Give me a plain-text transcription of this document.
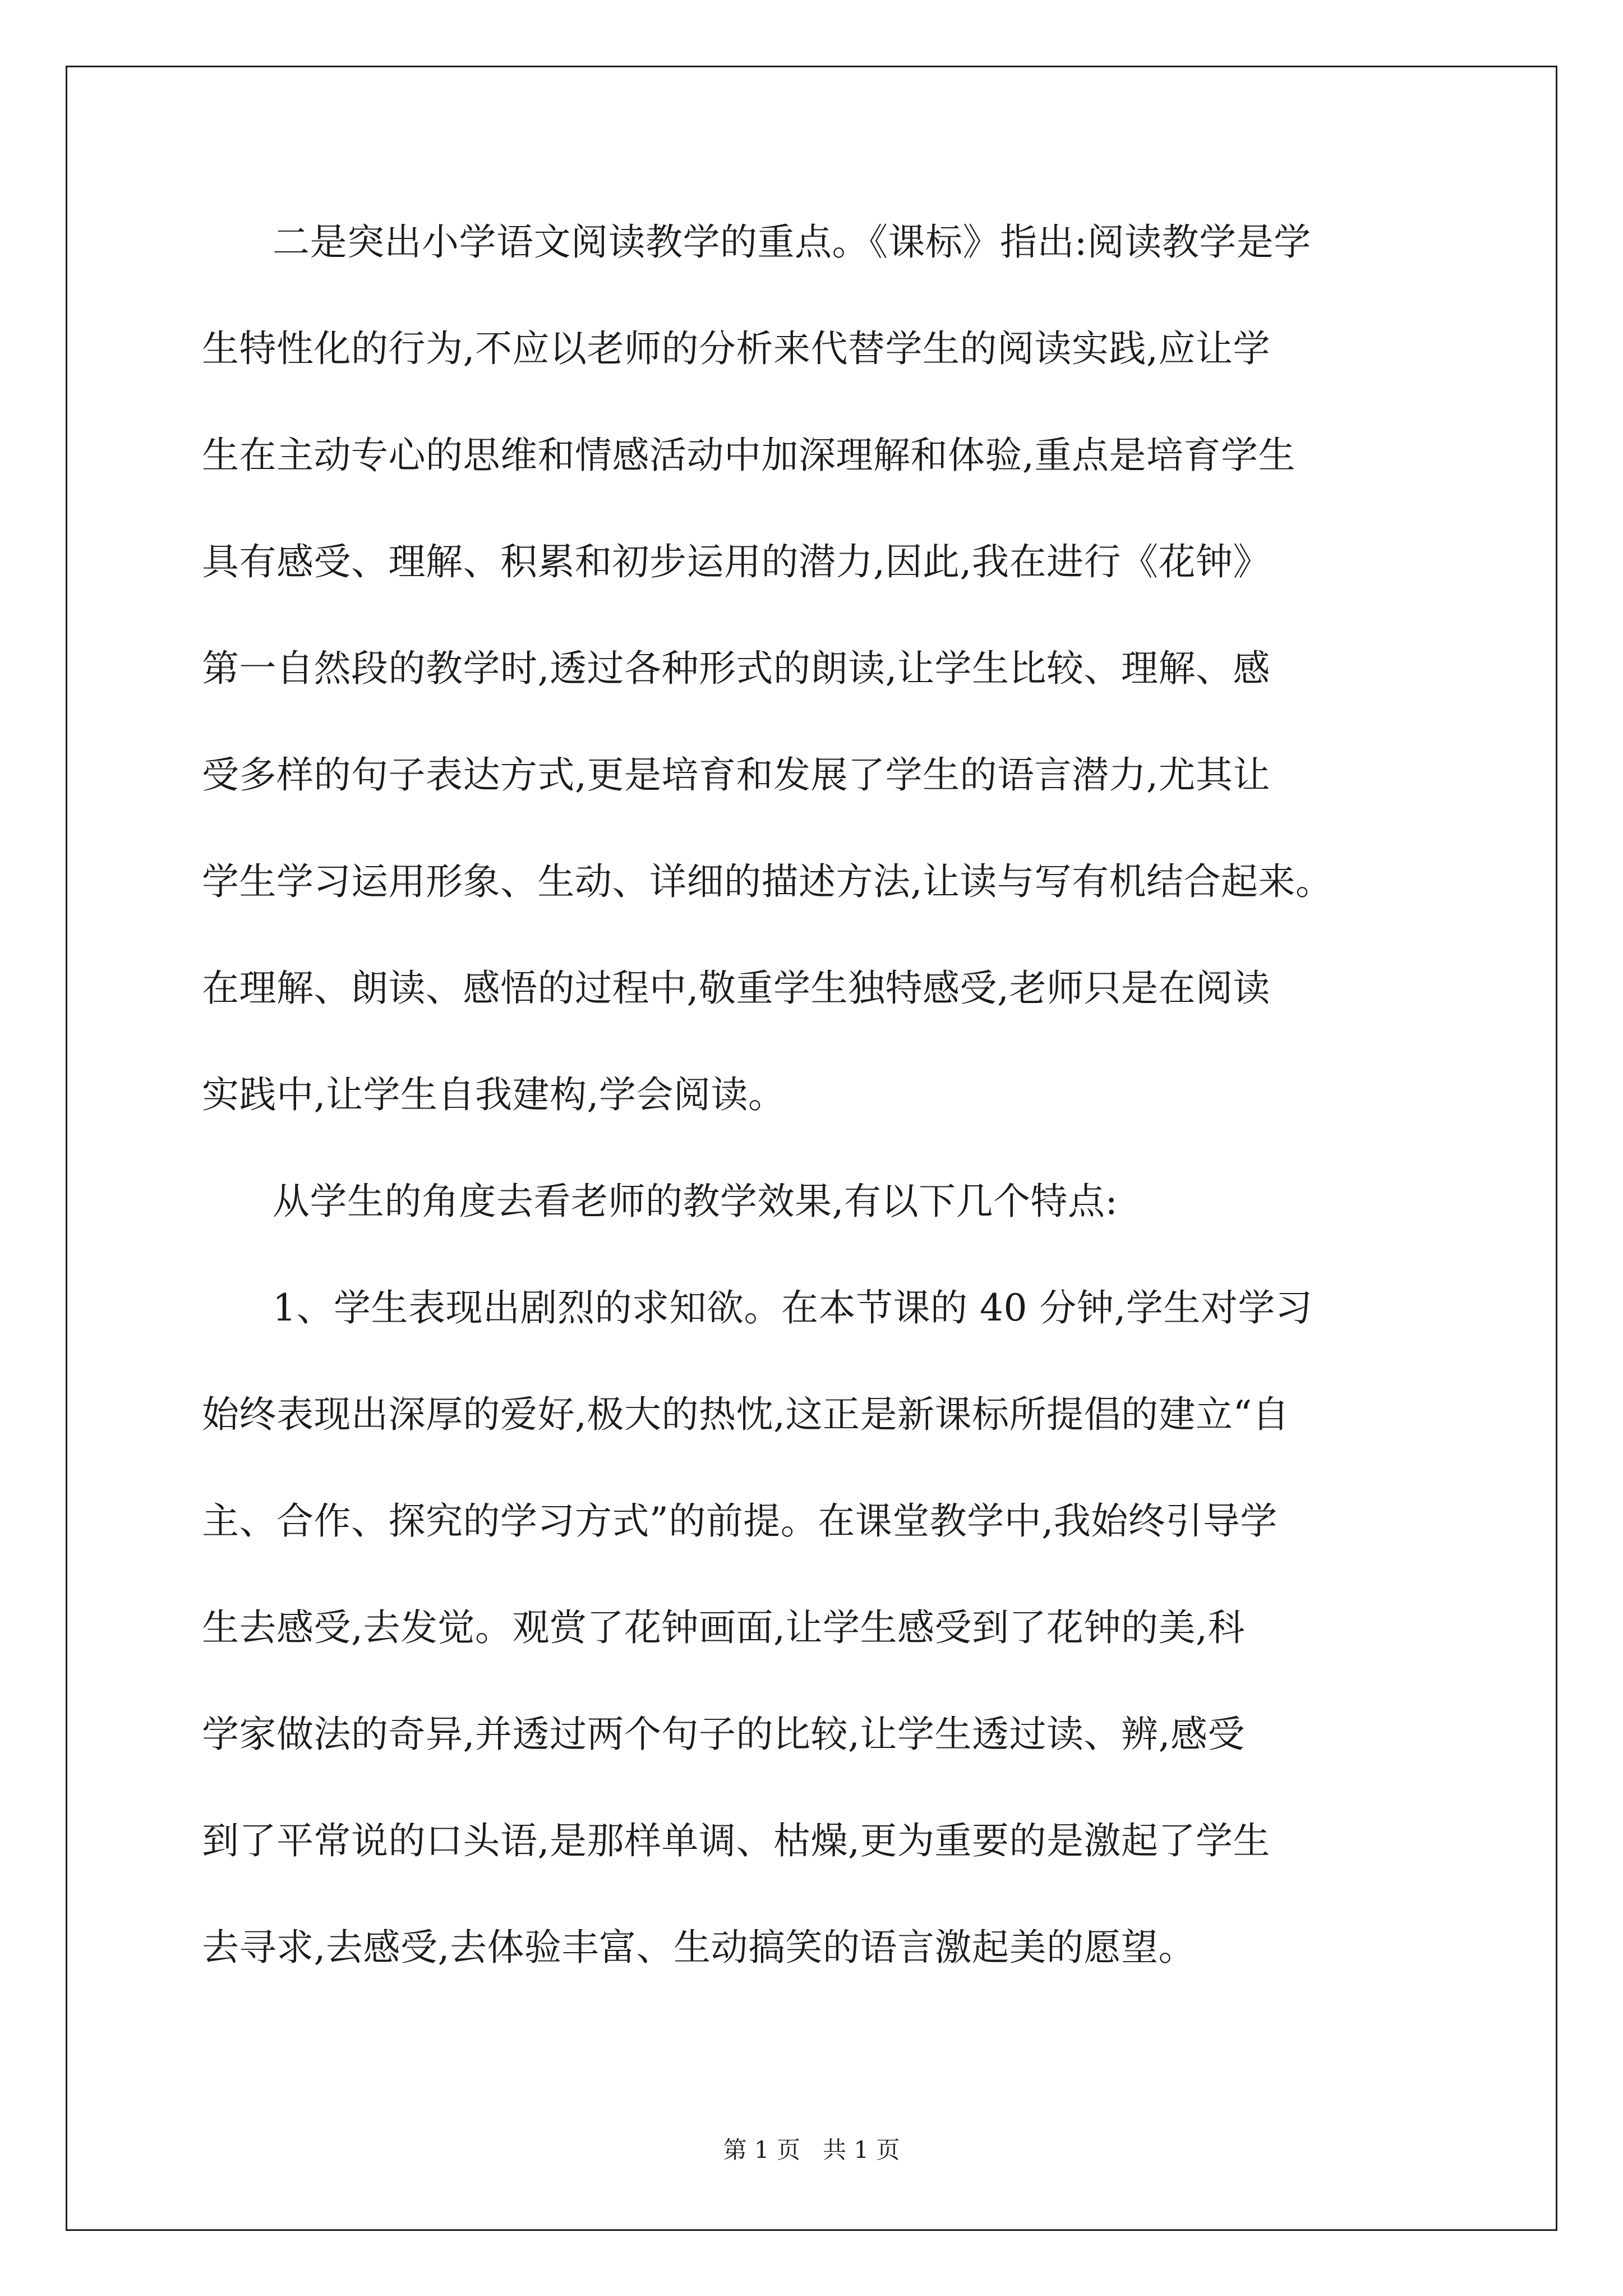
二是突出小学语文阅读教学的重点。《课标》指出:阅读教学是学
生特性化的行为,不应以老师的分析来代替学生的阅读实践,应让学
生在主动专心的思维和情感活动中加深理解和体验,重点是培育学生
具有感受、理解、积累和初步运用的潜力,因此,我在进行《花钟》
第一自然段的教学时,透过各种形式的朗读,让学生比较、理解、感
受多样的句子表达方式,更是培育和发展了学生的语言潜力,尤其让
学生学习运用形象、生动、详细的描述方法,让读与写有机结合起来。
在理解、朗读、感悟的过程中,敬重学生独特感受,老师只是在阅读
实践中,让学生自我建构,学会阅读。
从学生的角度去看老师的教学效果,有以下几个特点:
1、学生表现出剧烈的求知欲。在本节课的 40 分钟,学生对学习
始终表现出深厚的爱好,极大的热忱,这正是新课标所提倡的建立“自
主、合作、探究的学习方式”的前提。在课堂教学中,我始终引导学
生去感受,去发觉。观赏了花钟画面,让学生感受到了花钟的美,科
学家做法的奇异,并透过两个句子的比较,让学生透过读、辨,感受
到了平常说的口头语,是那样单调、枯燥,更为重要的是激起了学生
去寻求,去感受,去体验丰富、生动搞笑的语言激起美的愿望。
第 1 页 共 1 页
